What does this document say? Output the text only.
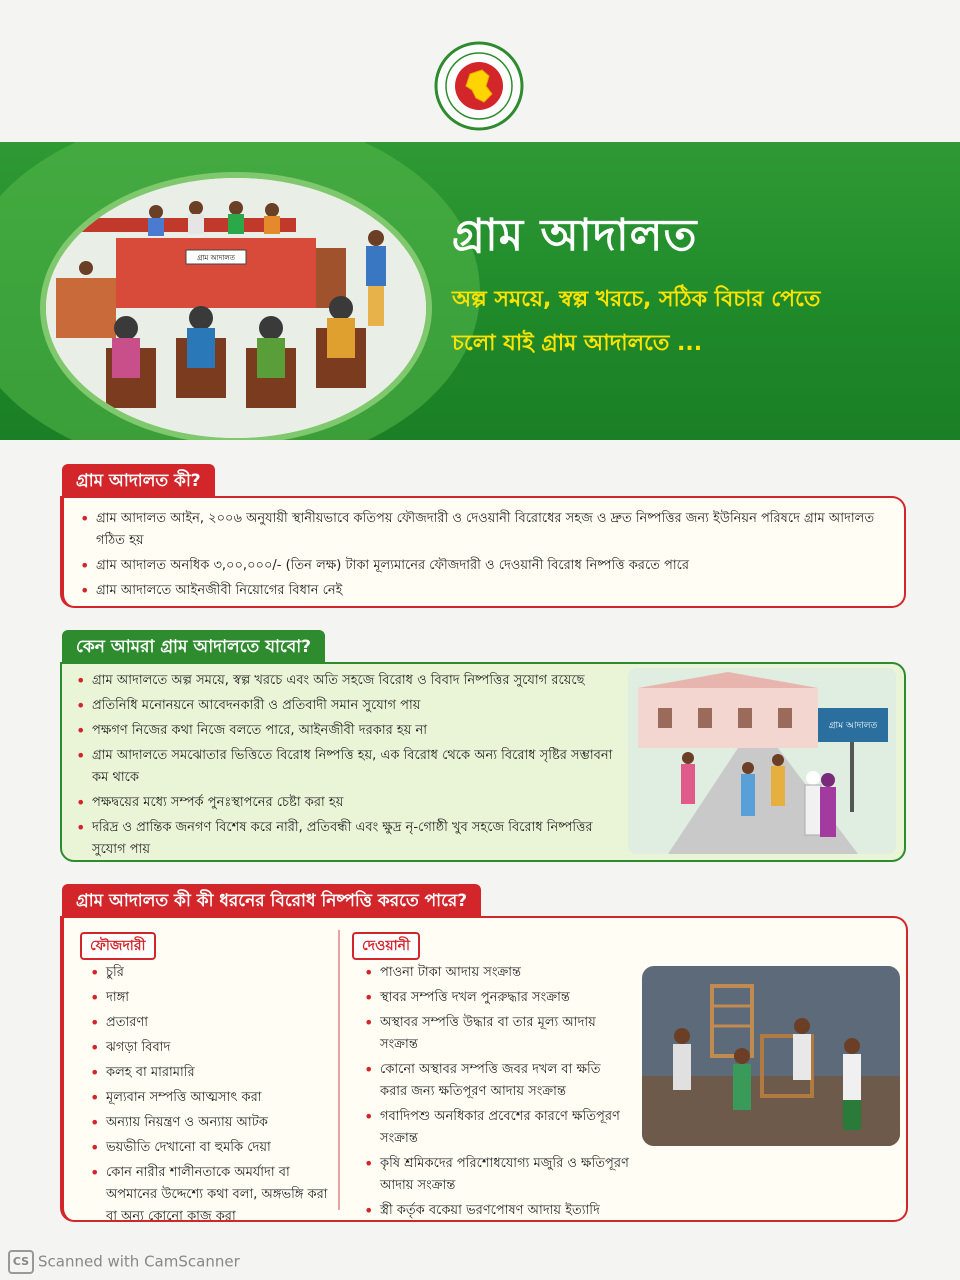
গ্রাম আদালত	গ্রাম আদালত
অল্প সময়ে, স্বল্প খরচে, সঠিক বিচার পেতে
চলো যাই গ্রাম আদালতে ...
গ্রাম আদালত কী?
• গ্রাম আদালত আইন, ২০০৬ অনুযায়ী স্থানীয়ভাবে কতিপয় ফৌজদারী ও দেওয়ানী বিরোধের সহজ ও দ্রুত নিষ্পত্তির জন্য ইউনিয়ন পরিষদে গ্রাম আদালত গঠিত হয়
• গ্রাম আদালত অনধিক ৩,০০,০০০/- (তিন লক্ষ) টাকা মূল্যমানের ফৌজদারী ও দেওয়ানী বিরোধ নিষ্পত্তি করতে পারে
• গ্রাম আদালতে আইনজীবী নিয়োগের বিধান নেই
কেন আমরা গ্রাম আদালতে যাবো?
• গ্রাম আদালতে অল্প সময়ে, স্বল্প খরচে এবং অতি সহজে বিরোধ ও বিবাদ নিষ্পত্তির সুযোগ রয়েছে
• প্রতিনিধি মনোনয়নে আবেদনকারী ও প্রতিবাদী সমান সুযোগ পায়
• পক্ষগণ নিজের কথা নিজে বলতে পারে, আইনজীবী দরকার হয় না
• গ্রাম আদালতে সমঝোতার ভিত্তিতে বিরোধ নিষ্পত্তি হয়, এক বিরোধ থেকে অন্য বিরোধ সৃষ্টির সম্ভাবনা কম থাকে
• পক্ষদ্বয়ের মধ্যে সম্পর্ক পুনঃস্থাপনের চেষ্টা করা হয়
• দরিদ্র ও প্রান্তিক জনগণ বিশেষ করে নারী, প্রতিবন্ধী এবং ক্ষুদ্র নৃ-গোষ্ঠী খুব সহজে বিরোধ নিষ্পত্তির সুযোগ পায়
গ্রাম আদালত
গ্রাম আদালত কী কী ধরনের বিরোধ নিষ্পত্তি করতে পারে?
ফৌজদারী
• চুরি
• দাঙ্গা
• প্রতারণা
• ঝগড়া বিবাদ
• কলহ বা মারামারি
• মূল্যবান সম্পত্তি আত্মসাৎ করা
• অন্যায় নিয়ন্ত্রণ ও অন্যায় আটক
• ভয়ভীতি দেখানো বা হুমকি দেয়া
• কোন নারীর শালীনতাকে অমর্যাদা বা অপমানের উদ্দেশ্যে কথা বলা, অঙ্গভঙ্গি করা বা অন্য কোনো কাজ করা
দেওয়ানী
• পাওনা টাকা আদায় সংক্রান্ত
• স্থাবর সম্পত্তি দখল পুনরুদ্ধার সংক্রান্ত
• অস্থাবর সম্পত্তি উদ্ধার বা তার মূল্য আদায় সংক্রান্ত
• কোনো অস্থাবর সম্পত্তি জবর দখল বা ক্ষতি করার জন্য ক্ষতিপূরণ আদায় সংক্রান্ত
• গবাদিপশু অনধিকার প্রবেশের কারণে ক্ষতিপূরণ সংক্রান্ত
• কৃষি শ্রমিকদের পরিশোধযোগ্য মজুরি ও ক্ষতিপূরণ আদায় সংক্রান্ত
• স্ত্রী কর্তৃক বকেয়া ভরণপোষণ আদায় ইত্যাদি
CS Scanned with CamScanner
